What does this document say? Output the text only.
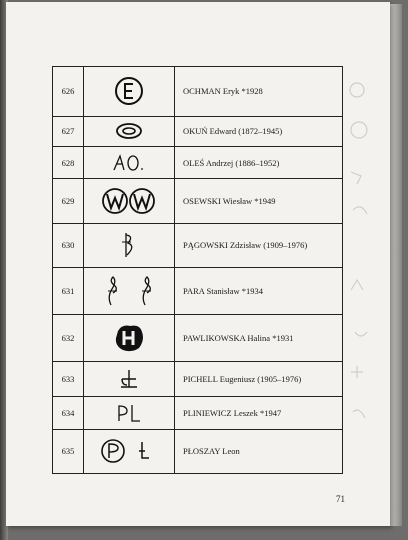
626		OCHMAN Eryk *1928
627		OKUŃ Edward (1872–1945)
628		OLEŚ Andrzej (1886–1952)
629		OSEWSKI Wiesław *1949
630		PĄGOWSKI Zdzisław (1909–1976)
631		PARA Stanisław *1934
632		PAWLIKOWSKA Halina *1931
633		PICHELL Eugeniusz (1905–1976)
634		PLINIEWICZ Leszek *1947
635		PŁOSZAY Leon
71
